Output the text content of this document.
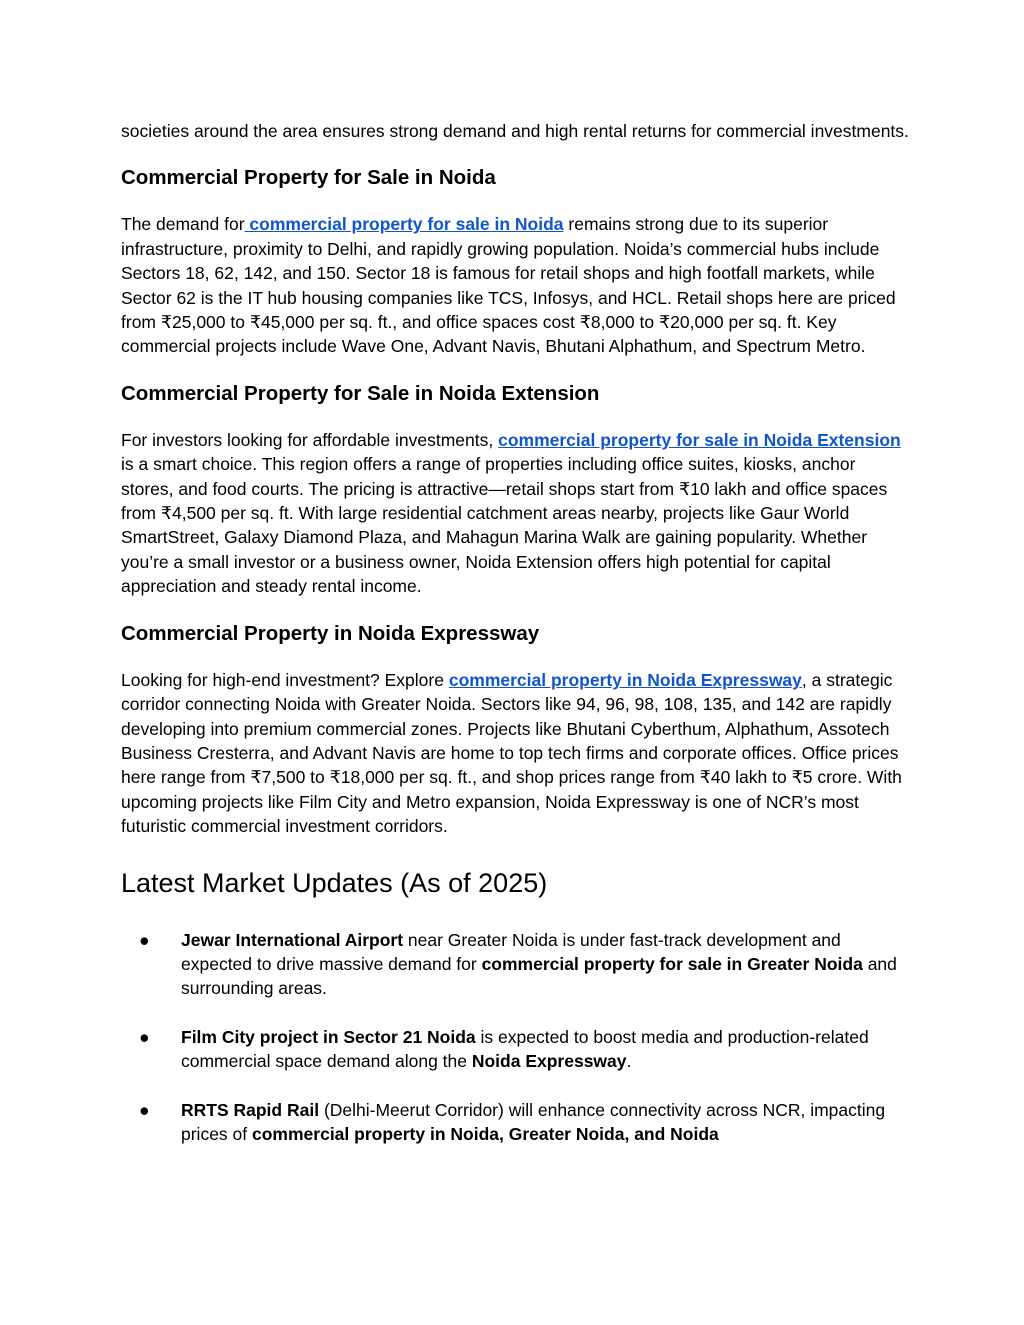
societies around the area ensures strong demand and high rental returns for commercial investments.

Commercial Property for Sale in Noida

The demand for commercial property for sale in Noida remains strong due to its superior infrastructure, proximity to Delhi, and rapidly growing population. Noida’s commercial hubs include Sectors 18, 62, 142, and 150. Sector 18 is famous for retail shops and high footfall markets, while Sector 62 is the IT hub housing companies like TCS, Infosys, and HCL. Retail shops here are priced from ₹25,000 to ₹45,000 per sq. ft., and office spaces cost ₹8,000 to ₹20,000 per sq. ft. Key commercial projects include Wave One, Advant Navis, Bhutani Alphathum, and Spectrum Metro.

Commercial Property for Sale in Noida Extension

For investors looking for affordable investments, commercial property for sale in Noida Extension is a smart choice. This region offers a range of properties including office suites, kiosks, anchor stores, and food courts. The pricing is attractive—retail shops start from ₹10 lakh and office spaces from ₹4,500 per sq. ft. With large residential catchment areas nearby, projects like Gaur World SmartStreet, Galaxy Diamond Plaza, and Mahagun Marina Walk are gaining popularity. Whether you’re a small investor or a business owner, Noida Extension offers high potential for capital appreciation and steady rental income.

Commercial Property in Noida Expressway

Looking for high-end investment? Explore commercial property in Noida Expressway, a strategic corridor connecting Noida with Greater Noida. Sectors like 94, 96, 98, 108, 135, and 142 are rapidly developing into premium commercial zones. Projects like Bhutani Cyberthum, Alphathum, Assotech Business Cresterra, and Advant Navis are home to top tech firms and corporate offices. Office prices here range from ₹7,500 to ₹18,000 per sq. ft., and shop prices range from ₹40 lakh to ₹5 crore. With upcoming projects like Film City and Metro expansion, Noida Expressway is one of NCR’s most futuristic commercial investment corridors.

Latest Market Updates (As of 2025)
● Jewar International Airport near Greater Noida is under fast-track development and expected to drive massive demand for commercial property for sale in Greater Noida and surrounding areas.
● Film City project in Sector 21 Noida is expected to boost media and production-related commercial space demand along the Noida Expressway.
● RRTS Rapid Rail (Delhi-Meerut Corridor) will enhance connectivity across NCR, impacting prices of commercial property in Noida, Greater Noida, and Noida
